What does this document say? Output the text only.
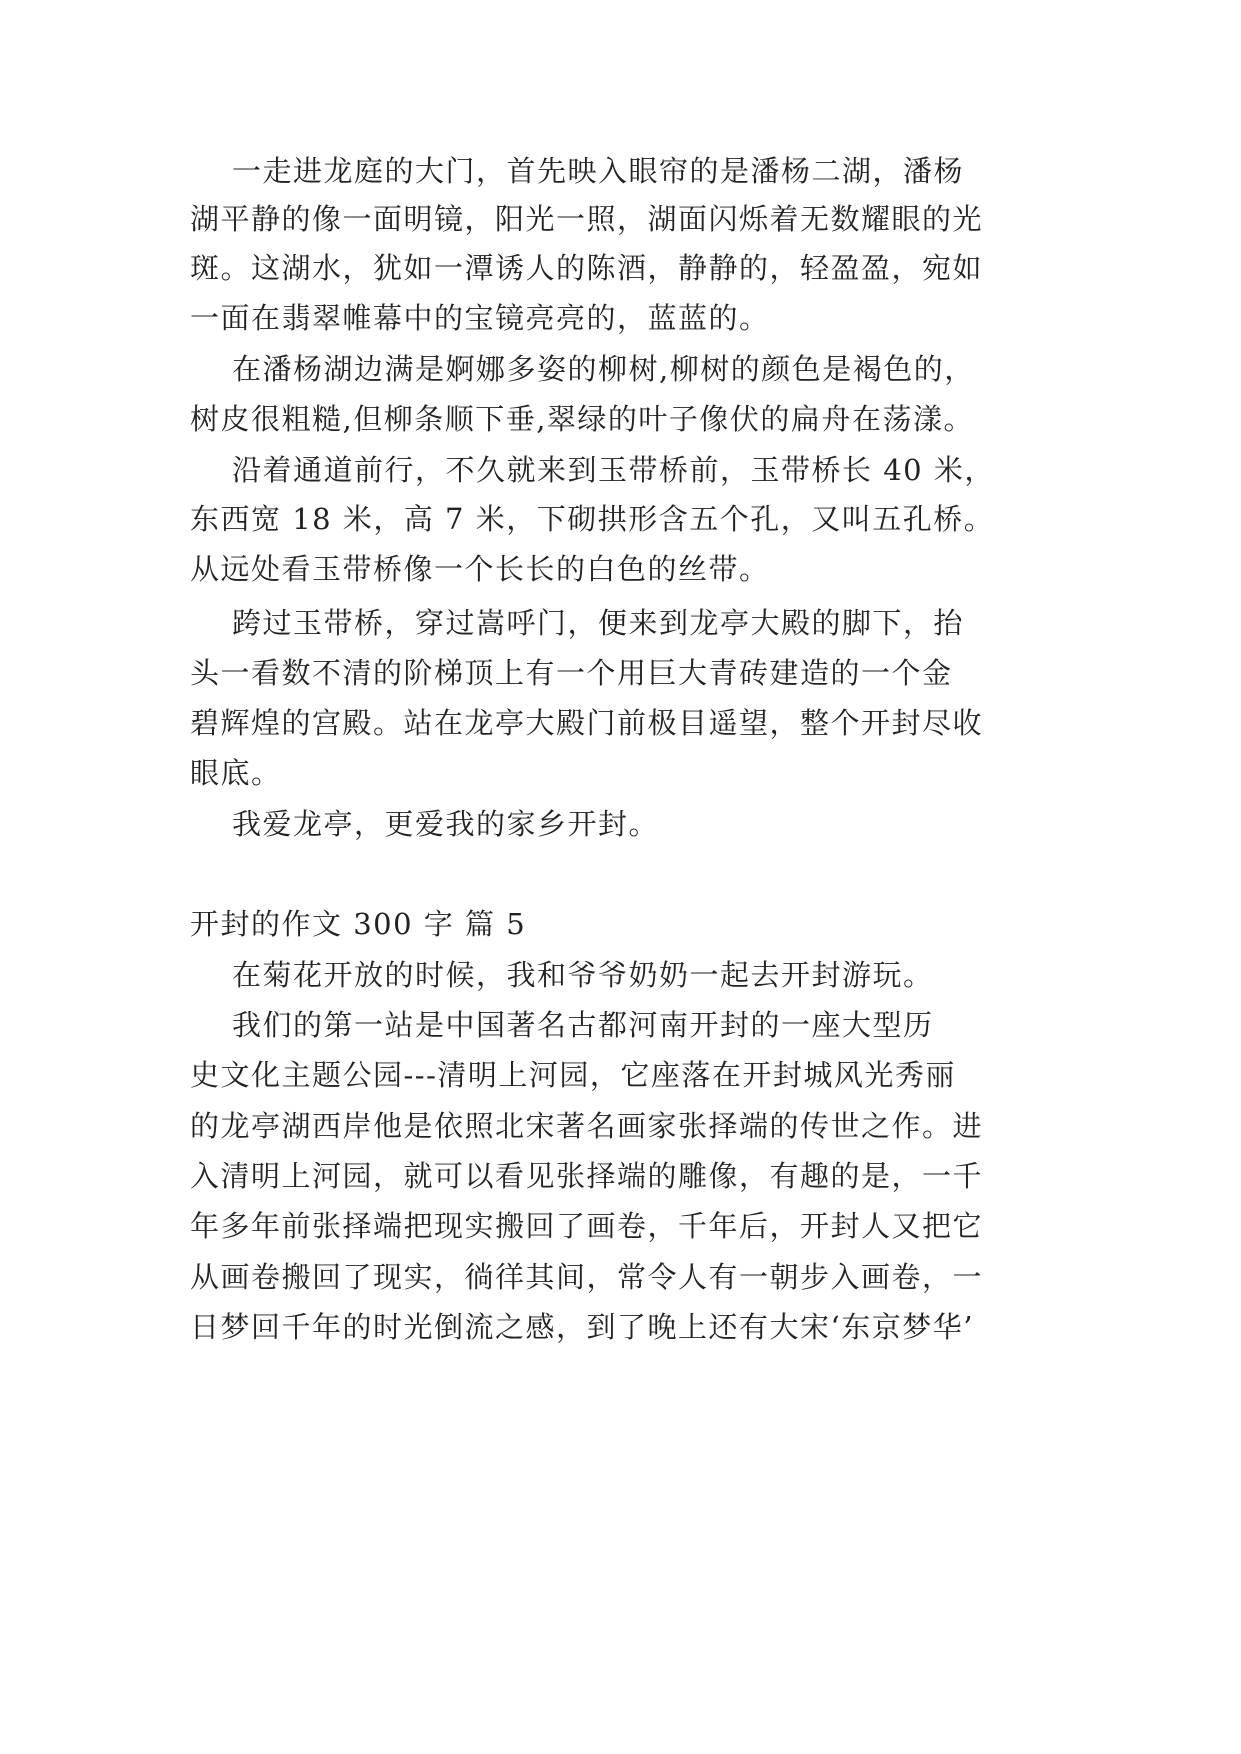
一走进龙庭的大门，首先映入眼帘的是潘杨二湖，潘杨
湖平静的像一面明镜，阳光一照，湖面闪烁着无数耀眼的光
斑。这湖水，犹如一潭诱人的陈酒，静静的，轻盈盈，宛如
一面在翡翠帷幕中的宝镜亮亮的，蓝蓝的。
在潘杨湖边满是婀娜多姿的柳树,柳树的颜色是褐色的，
树皮很粗糙,但柳条顺下垂,翠绿的叶子像伏的扁舟在荡漾。
沿着通道前行，不久就来到玉带桥前，玉带桥长 40 米，
东西宽 18 米，高 7 米，下砌拱形含五个孔，又叫五孔桥。
从远处看玉带桥像一个长长的白色的丝带。
跨过玉带桥，穿过嵩呼门，便来到龙亭大殿的脚下，抬
头一看数不清的阶梯顶上有一个用巨大青砖建造的一个金
碧辉煌的宫殿。站在龙亭大殿门前极目遥望，整个开封尽收
眼底。
我爱龙亭，更爱我的家乡开封。
开封的作文 300 字 篇 5
在菊花开放的时候，我和爷爷奶奶一起去开封游玩。
我们的第一站是中国著名古都河南开封的一座大型历
史文化主题公园---清明上河园，它座落在开封城风光秀丽
的龙亭湖西岸他是依照北宋著名画家张择端的传世之作。进
入清明上河园，就可以看见张择端的雕像，有趣的是，一千
年多年前张择端把现实搬回了画卷，千年后，开封人又把它
从画卷搬回了现实，徜徉其间，常令人有一朝步入画卷，一
日梦回千年的时光倒流之感，到了晚上还有大宋‘东京梦华’
